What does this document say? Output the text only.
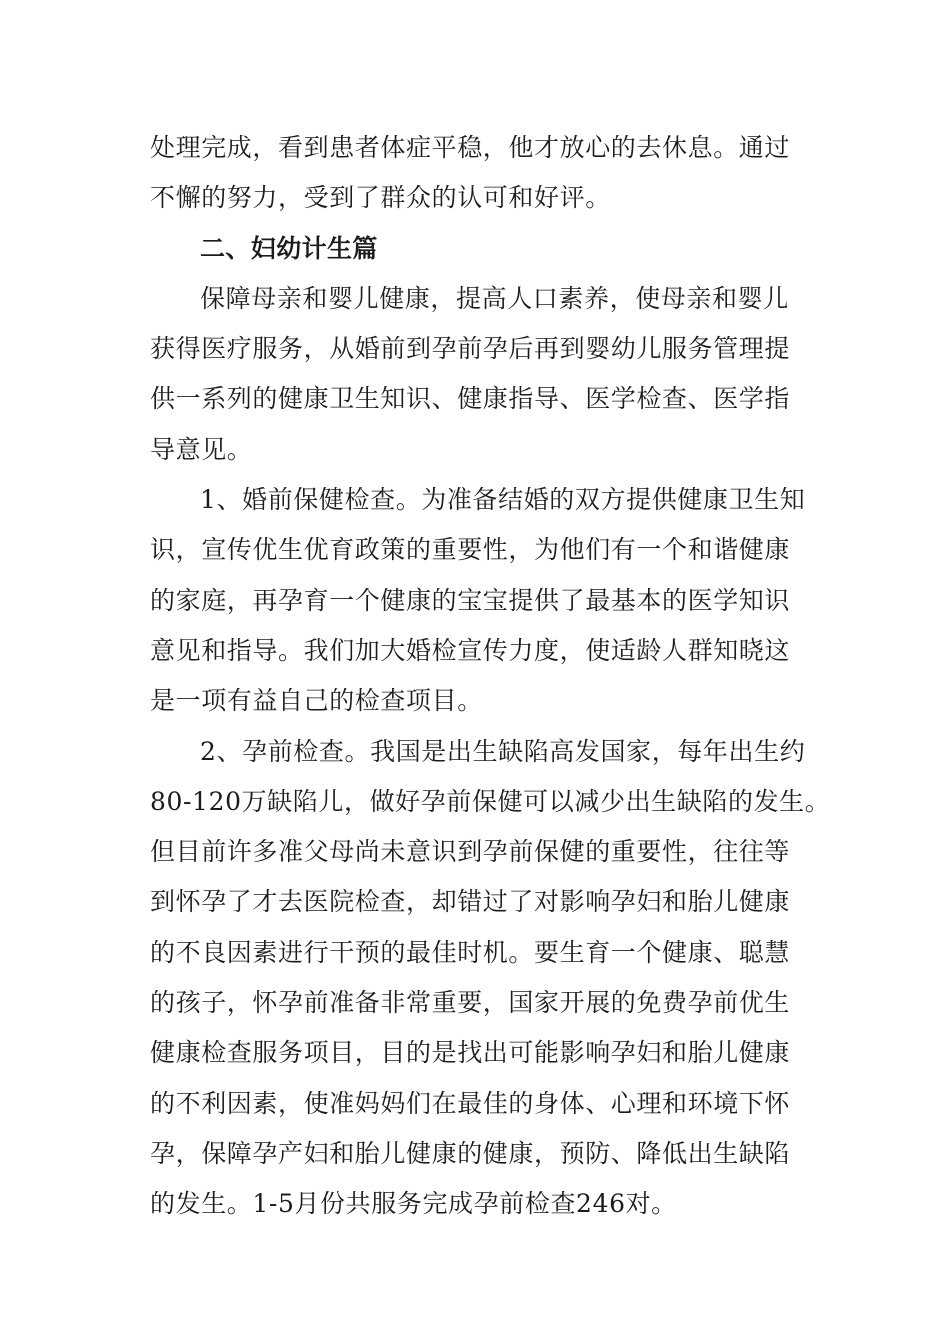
处理完成，看到患者体症平稳，他才放心的去休息。通过
不懈的努力，受到了群众的认可和好评。
二、妇幼计生篇
保障母亲和婴儿健康，提高人口素养，使母亲和婴儿
获得医疗服务，从婚前到孕前孕后再到婴幼儿服务管理提
供一系列的健康卫生知识、健康指导、医学检查、医学指
导意见。
1、婚前保健检查。为准备结婚的双方提供健康卫生知
识，宣传优生优育政策的重要性，为他们有一个和谐健康
的家庭，再孕育一个健康的宝宝提供了最基本的医学知识
意见和指导。我们加大婚检宣传力度，使适龄人群知晓这
是一项有益自己的检查项目。
2、孕前检查。我国是出生缺陷高发国家，每年出生约
80-120万缺陷儿，做好孕前保健可以减少出生缺陷的发生。
但目前许多准父母尚未意识到孕前保健的重要性，往往等
到怀孕了才去医院检查，却错过了对影响孕妇和胎儿健康
的不良因素进行干预的最佳时机。要生育一个健康、聪慧
的孩子，怀孕前准备非常重要，国家开展的免费孕前优生
健康检查服务项目，目的是找出可能影响孕妇和胎儿健康
的不利因素，使准妈妈们在最佳的身体、心理和环境下怀
孕，保障孕产妇和胎儿健康的健康，预防、降低出生缺陷
的发生。1-5月份共服务完成孕前检查246对。
